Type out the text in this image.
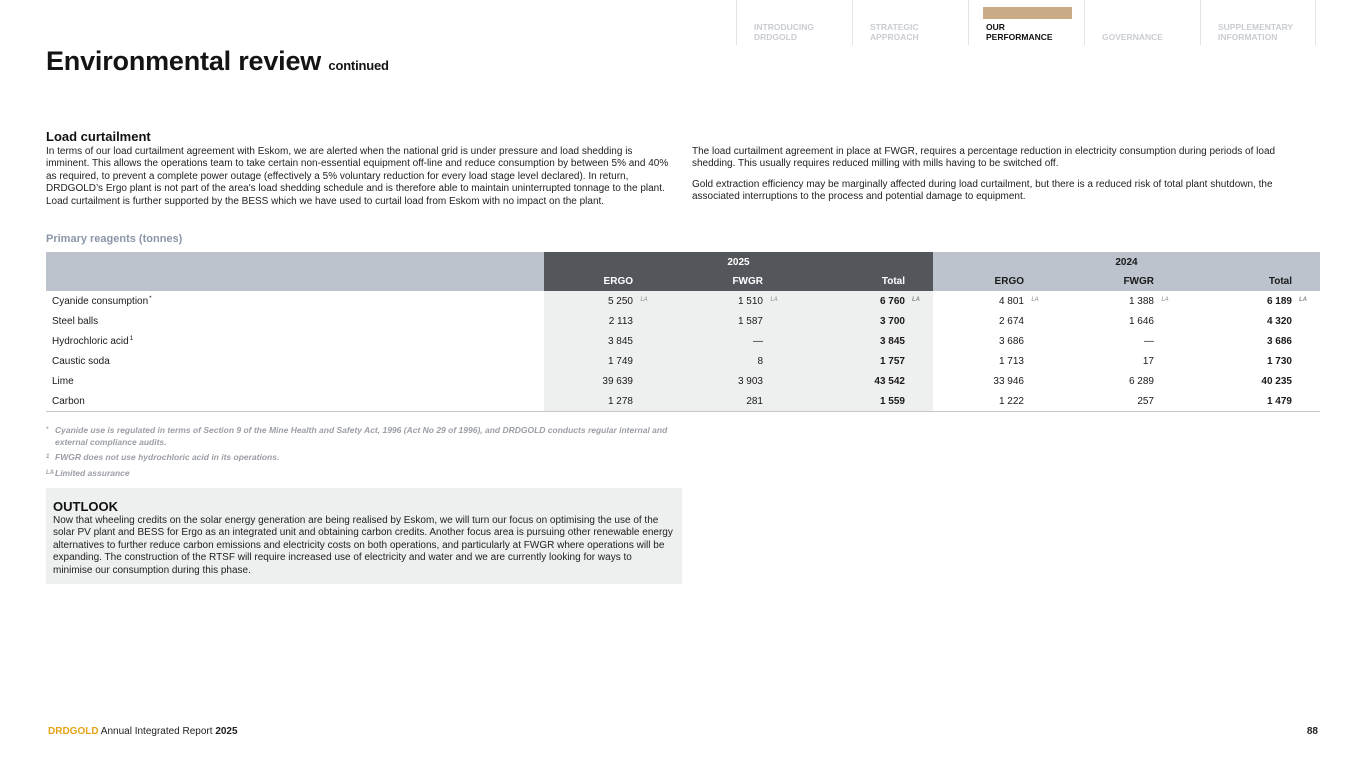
INTRODUCING
DRDGOLD
STRATEGIC
APPROACH
OUR
PERFORMANCE	GOVERNANCE
SUPPLEMENTARY
INFORMATION
Environmental review continued
Load curtailment

In terms of our load curtailment agreement with Eskom, we are alerted when the national grid is under pressure and load shedding is imminent. This allows the operations team to take certain non-essential equipment off-line and reduce consumption by between 5% and 40% as required, to prevent a complete power outage (effectively a 5% voluntary reduction for every load stage level declared). In return, DRDGOLD’s Ergo plant is not part of the area's load shedding schedule and is therefore able to maintain uninterrupted tonnage to the plant. Load curtailment is further supported by the BESS which we have used to curtail load from Eskom with no impact on the plant.

The load curtailment agreement in place at FWGR, requires a percentage reduction in electricity consumption during periods of load shedding. This usually requires reduced milling with mills having to be switched off.

Gold extraction efficiency may be marginally affected during load curtailment, but there is a reduced risk of total plant shutdown, the associated interruptions to the process and potential damage to equipment.

Primary reagents (tonnes)
	2025			2024		
	ERGO	FWGR	Total	ERGO	FWGR	Total
Cyanide consumption*	5 250 LA	1 510 LA	6 760 LA	4 801 LA	1 388 LA	6 189 LA
Steel balls	2 113	1 587	3 700	2 674	1 646	4 320
Hydrochloric acid$^1$	3 845	—	3 845	3 686	—	3 686
Caustic soda	1 749	8	1 757	1 713	17	1 730
Lime	39 639	3 903	43 542	33 946	6 289	40 235
Carbon	1 278	281	1 559	1 222	257	1 479
* Cyanide use is regulated in terms of Section 9 of the Mine Health and Safety Act, 1996 (Act No 29 of 1996), and DRDGOLD conducts regular internal and external compliance audits.
1 FWGR does not use hydrochloric acid in its operations.
LA Limited assurance
OUTLOOK
Now that wheeling credits on the solar energy generation are being realised by Eskom, we will turn our focus on optimising the use of the solar PV plant and BESS for Ergo as an integrated unit and obtaining carbon credits. Another focus area is pursuing other renewable energy alternatives to further reduce carbon emissions and electricity costs on both operations, and particularly at FWGR where operations will be expanding. The construction of the RTSF will require increased use of electricity and water and we are currently looking for ways to minimise our consumption during this phase.
DRDGOLD Annual Integrated Report 2025	88
